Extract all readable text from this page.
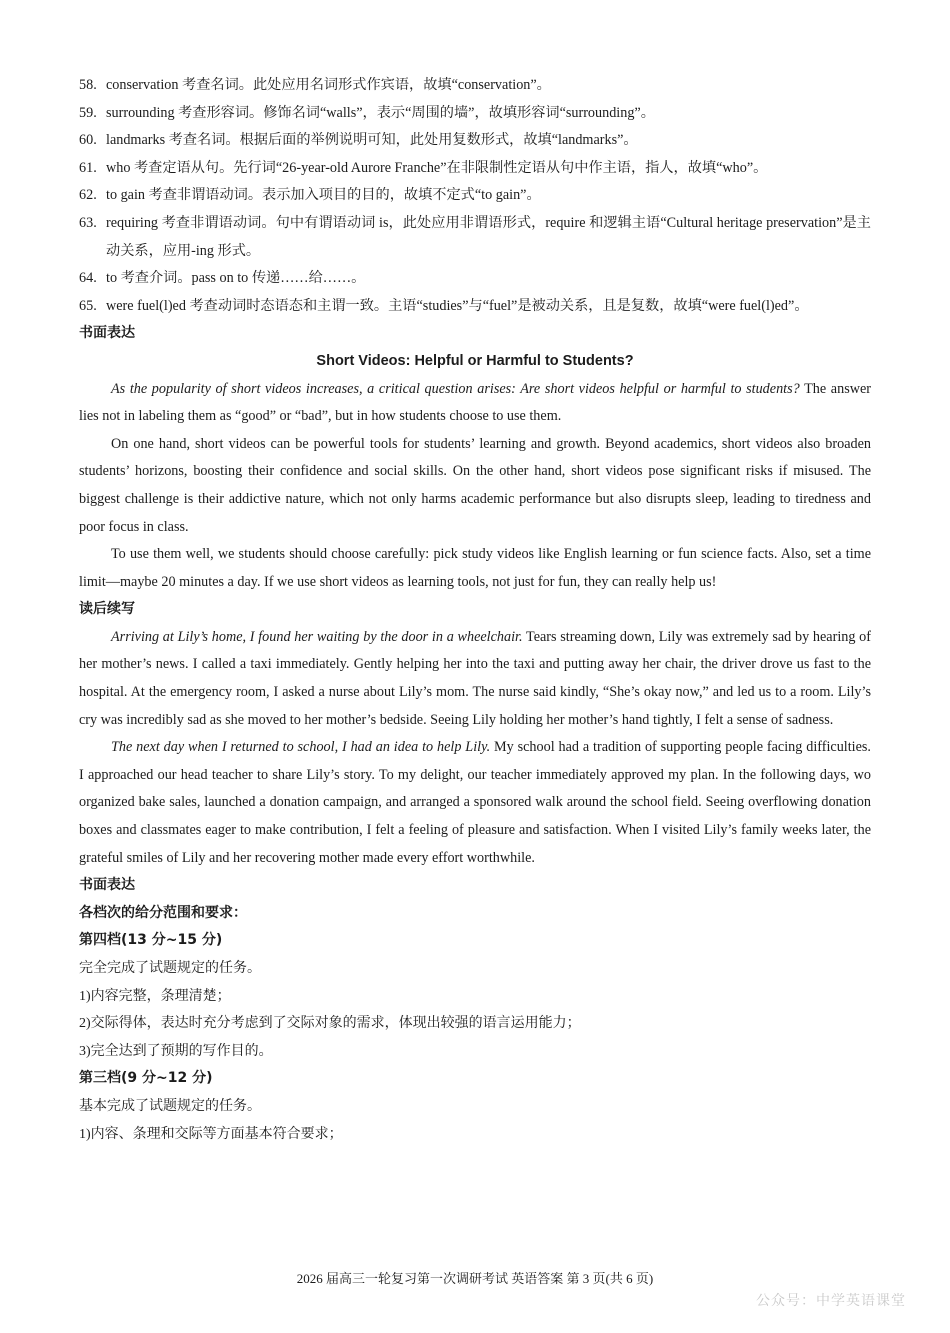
58. conservation 考查名词。此处应用名词形式作宾语，故填“conservation”。
59. surrounding 考查形容词。修饰名词“walls”，表示“周围的墙”，故填形容词“surrounding”。
60. landmarks 考查名词。根据后面的举例说明可知，此处用复数形式，故填“landmarks”。
61. who 考查定语从句。先行词“26-year-old Aurore Franche”在非限制性定语从句中作主语，指人，故填“who”。
62. to gain 考查非谓语动词。表示加入项目的目的，故填不定式“to gain”。
63. requiring 考查非谓语动词。句中有谓语动词 is，此处应用非谓语形式，require 和逻辑主语“Cultural heritage preservation”是主动关系，应用-ing 形式。
64. to 考查介词。pass on to 传递……给……。
65. were fuel(l)ed 考查动词时态语态和主谓一致。主语“studies”与“fuel”是被动关系，且是复数，故填“were fuel(l)ed”。
书面表达
Short Videos: Helpful or Harmful to Students?
As the popularity of short videos increases, a critical question arises: Are short videos helpful or harmful to students? The answer lies not in labeling them as “good” or “bad”, but in how students choose to use them.
On one hand, short videos can be powerful tools for students’ learning and growth. Beyond academics, short videos also broaden students’ horizons, boosting their confidence and social skills. On the other hand, short videos pose significant risks if misused. The biggest challenge is their addictive nature, which not only harms academic performance but also disrupts sleep, leading to tiredness and poor focus in class.
To use them well, we students should choose carefully: pick study videos like English learning or fun science facts. Also, set a time limit—maybe 20 minutes a day. If we use short videos as learning tools, not just for fun, they can really help us!
读后续写
Arriving at Lily’s home, I found her waiting by the door in a wheelchair. Tears streaming down, Lily was extremely sad by hearing of her mother’s news. I called a taxi immediately. Gently helping her into the taxi and putting away her chair, the driver drove us fast to the hospital. At the emergency room, I asked a nurse about Lily’s mom. The nurse said kindly, “She’s okay now,” and led us to a room. Lily’s cry was incredibly sad as she moved to her mother’s bedside. Seeing Lily holding her mother’s hand tightly, I felt a sense of sadness.
The next day when I returned to school, I had an idea to help Lily. My school had a tradition of supporting people facing difficulties. I approached our head teacher to share Lily’s story. To my delight, our teacher immediately approved my plan. In the following days, wo organized bake sales, launched a donation campaign, and arranged a sponsored walk around the school field. Seeing overflowing donation boxes and classmates eager to make contribution, I felt a feeling of pleasure and satisfaction. When I visited Lily’s family weeks later, the grateful smiles of Lily and her recovering mother made every effort worthwhile.
书面表达
各档次的给分范围和要求：
第四档(13 分~15 分)
完全完成了试题规定的任务。
1)内容完整，条理清楚；
2)交际得体，表达时充分考虑到了交际对象的需求，体现出较强的语言运用能力；
3)完全达到了预期的写作目的。
第三档(9 分~12 分)
基本完成了试题规定的任务。
1)内容、条理和交际等方面基本符合要求；
2026 届高三一轮复习第一次调研考试 英语答案 第 3 页(共 6 页)
公众号：中学英语课堂
